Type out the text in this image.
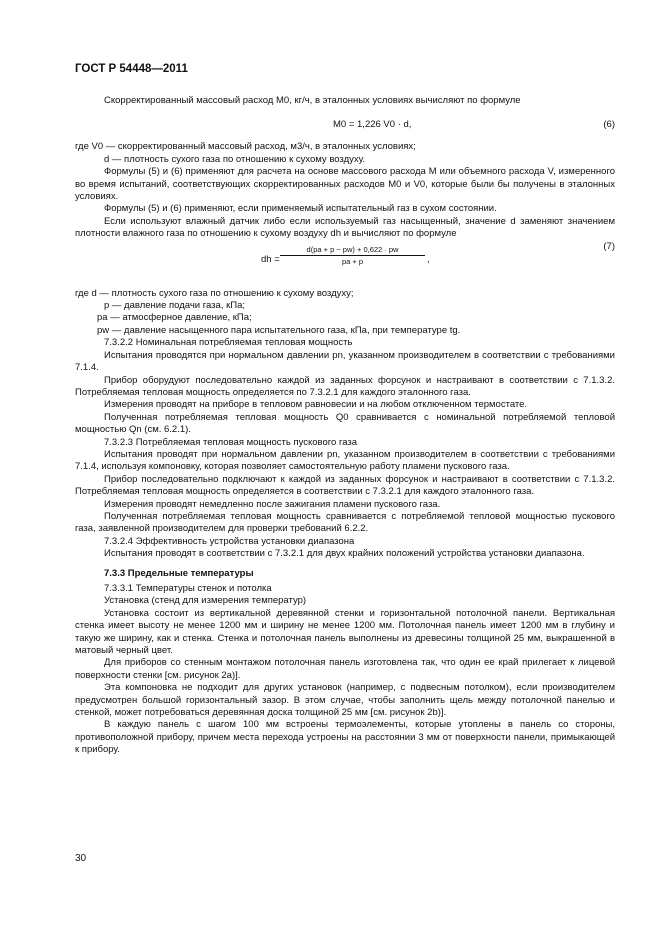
ГОСТ Р 54448—2011

Скорректированный массовый расход M0, кг/ч, в эталонных условиях вычисляют по формуле

M0 = 1,226 V0 · d,	(6)

где V0 — скорректированный массовый расход, м3/ч, в эталонных условиях;

d — плотность сухого газа по отношению к сухому воздуху.

Формулы (5) и (6) применяют для расчета на основе массового расхода M или объемного расхода V, измеренного во время испытаний, соответствующих скорректированных расходов M0 и V0, которые были бы получены в эталонных условиях.

Формулы (5) и (6) применяют, если применяемый испытательный газ в сухом состоянии.

Если используют влажный датчик либо если используемый газ насыщенный, значение d заменяют значением плотности влажного газа по отношению к сухому воздуху dh и вычисляют по формуле

dh = $\frac{d(pa + p - pw) + 0,622 \cdot pw}{pa + p}$ ,
(7)

где d — плотность сухого газа по отношению к сухому воздуху;

p — давление подачи газа, кПа;

pa — атмосферное давление, кПа;

pw — давление насыщенного пара испытательного газа, кПа, при температуре tg.

7.3.2.2 Номинальная потребляемая тепловая мощность

Испытания проводятся при нормальном давлении pn, указанном производителем в соответствии с требованиями 7.1.4.

Прибор оборудуют последовательно каждой из заданных форсунок и настраивают в соответствии с 7.1.3.2. Потребляемая тепловая мощность определяется по 7.3.2.1 для каждого эталонного газа.

Измерения проводят на приборе в тепловом равновесии и на любом отключенном термостате.

Полученная потребляемая тепловая мощность Q0 сравнивается с номинальной потребляемой тепловой мощностью Qn (см. 6.2.1).

7.3.2.3 Потребляемая тепловая мощность пускового газа

Испытания проводят при нормальном давлении pn, указанном производителем в соответствии с требованиями 7.1.4, используя компоновку, которая позволяет самостоятельную работу пламени пускового газа.

Прибор последовательно подключают к каждой из заданных форсунок и настраивают в соответствии с 7.1.3.2. Потребляемая тепловая мощность определяется в соответствии с 7.3.2.1 для каждого эталонного газа.

Измерения проводят немедленно после зажигания пламени пускового газа.

Полученная потребляемая тепловая мощность сравнивается с потребляемой тепловой мощностью пускового газа, заявленной производителем для проверки требований 6.2.2.

7.3.2.4 Эффективность устройства установки диапазона

Испытания проводят в соответствии с 7.3.2.1 для двух крайних положений устройства установки диапазона.

7.3.3 Предельные температуры

7.3.3.1 Температуры стенок и потолка

Установка (стенд для измерения температур)

Установка состоит из вертикальной деревянной стенки и горизонтальной потолочной панели. Вертикальная стенка имеет высоту не менее 1200 мм и ширину не менее 1200 мм. Потолочная панель имеет 1200 мм в глубину и такую же ширину, как и стенка. Стенка и потолочная панель выполнены из древесины толщиной 25 мм, выкрашенной в матовый черный цвет.

Для приборов со стенным монтажом потолочная панель изготовлена так, что один ее край прилегает к лицевой поверхности стенки [см. рисунок 2а)].

Эта компоновка не подходит для других установок (например, с подвесным потолком), если производителем предусмотрен большой горизонтальный зазор. В этом случае, чтобы заполнить щель между потолочной панелью и стенкой, может потребоваться деревянная доска толщиной 25 мм [см. рисунок 2b)].

В каждую панель с шагом 100 мм встроены термоэлементы, которые утоплены в панель со стороны, противоположной прибору, причем места перехода устроены на расстоянии 3 мм от поверхности панели, примыкающей к прибору.

30
